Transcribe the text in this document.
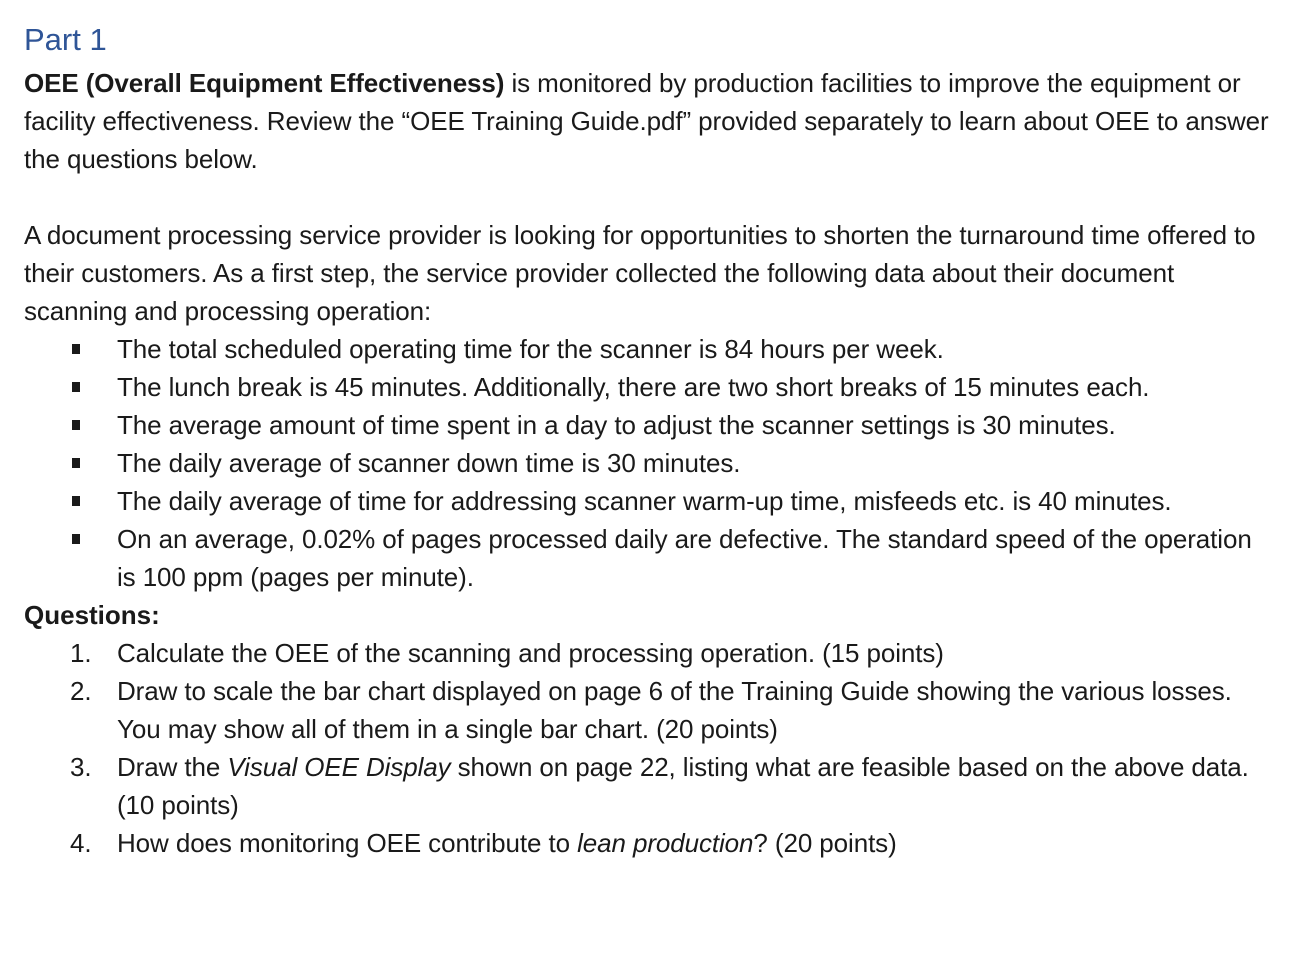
Part 1

OEE (Overall Equipment Effectiveness) is monitored by production facilities to improve the equipment or facility effectiveness. Review the “OEE Training Guide.pdf” provided separately to learn about OEE to answer the questions below.

A document processing service provider is looking for opportunities to shorten the turnaround time offered to their customers. As a first step, the service provider collected the following data about their document scanning and processing operation:

The total scheduled operating time for the scanner is 84 hours per week.
The lunch break is 45 minutes. Additionally, there are two short breaks of 15 minutes each.
The average amount of time spent in a day to adjust the scanner settings is 30 minutes.
The daily average of scanner down time is 30 minutes.
The daily average of time for addressing scanner warm-up time, misfeeds etc. is 40 minutes.
On an average, 0.02% of pages processed daily are defective. The standard speed of the operation is 100 ppm (pages per minute).

Questions:

1. Calculate the OEE of the scanning and processing operation. (15 points)
2. Draw to scale the bar chart displayed on page 6 of the Training Guide showing the various losses. You may show all of them in a single bar chart. (20 points)
3. Draw the Visual OEE Display shown on page 22, listing what are feasible based on the above data. (10 points)
4. How does monitoring OEE contribute to lean production? (20 points)
